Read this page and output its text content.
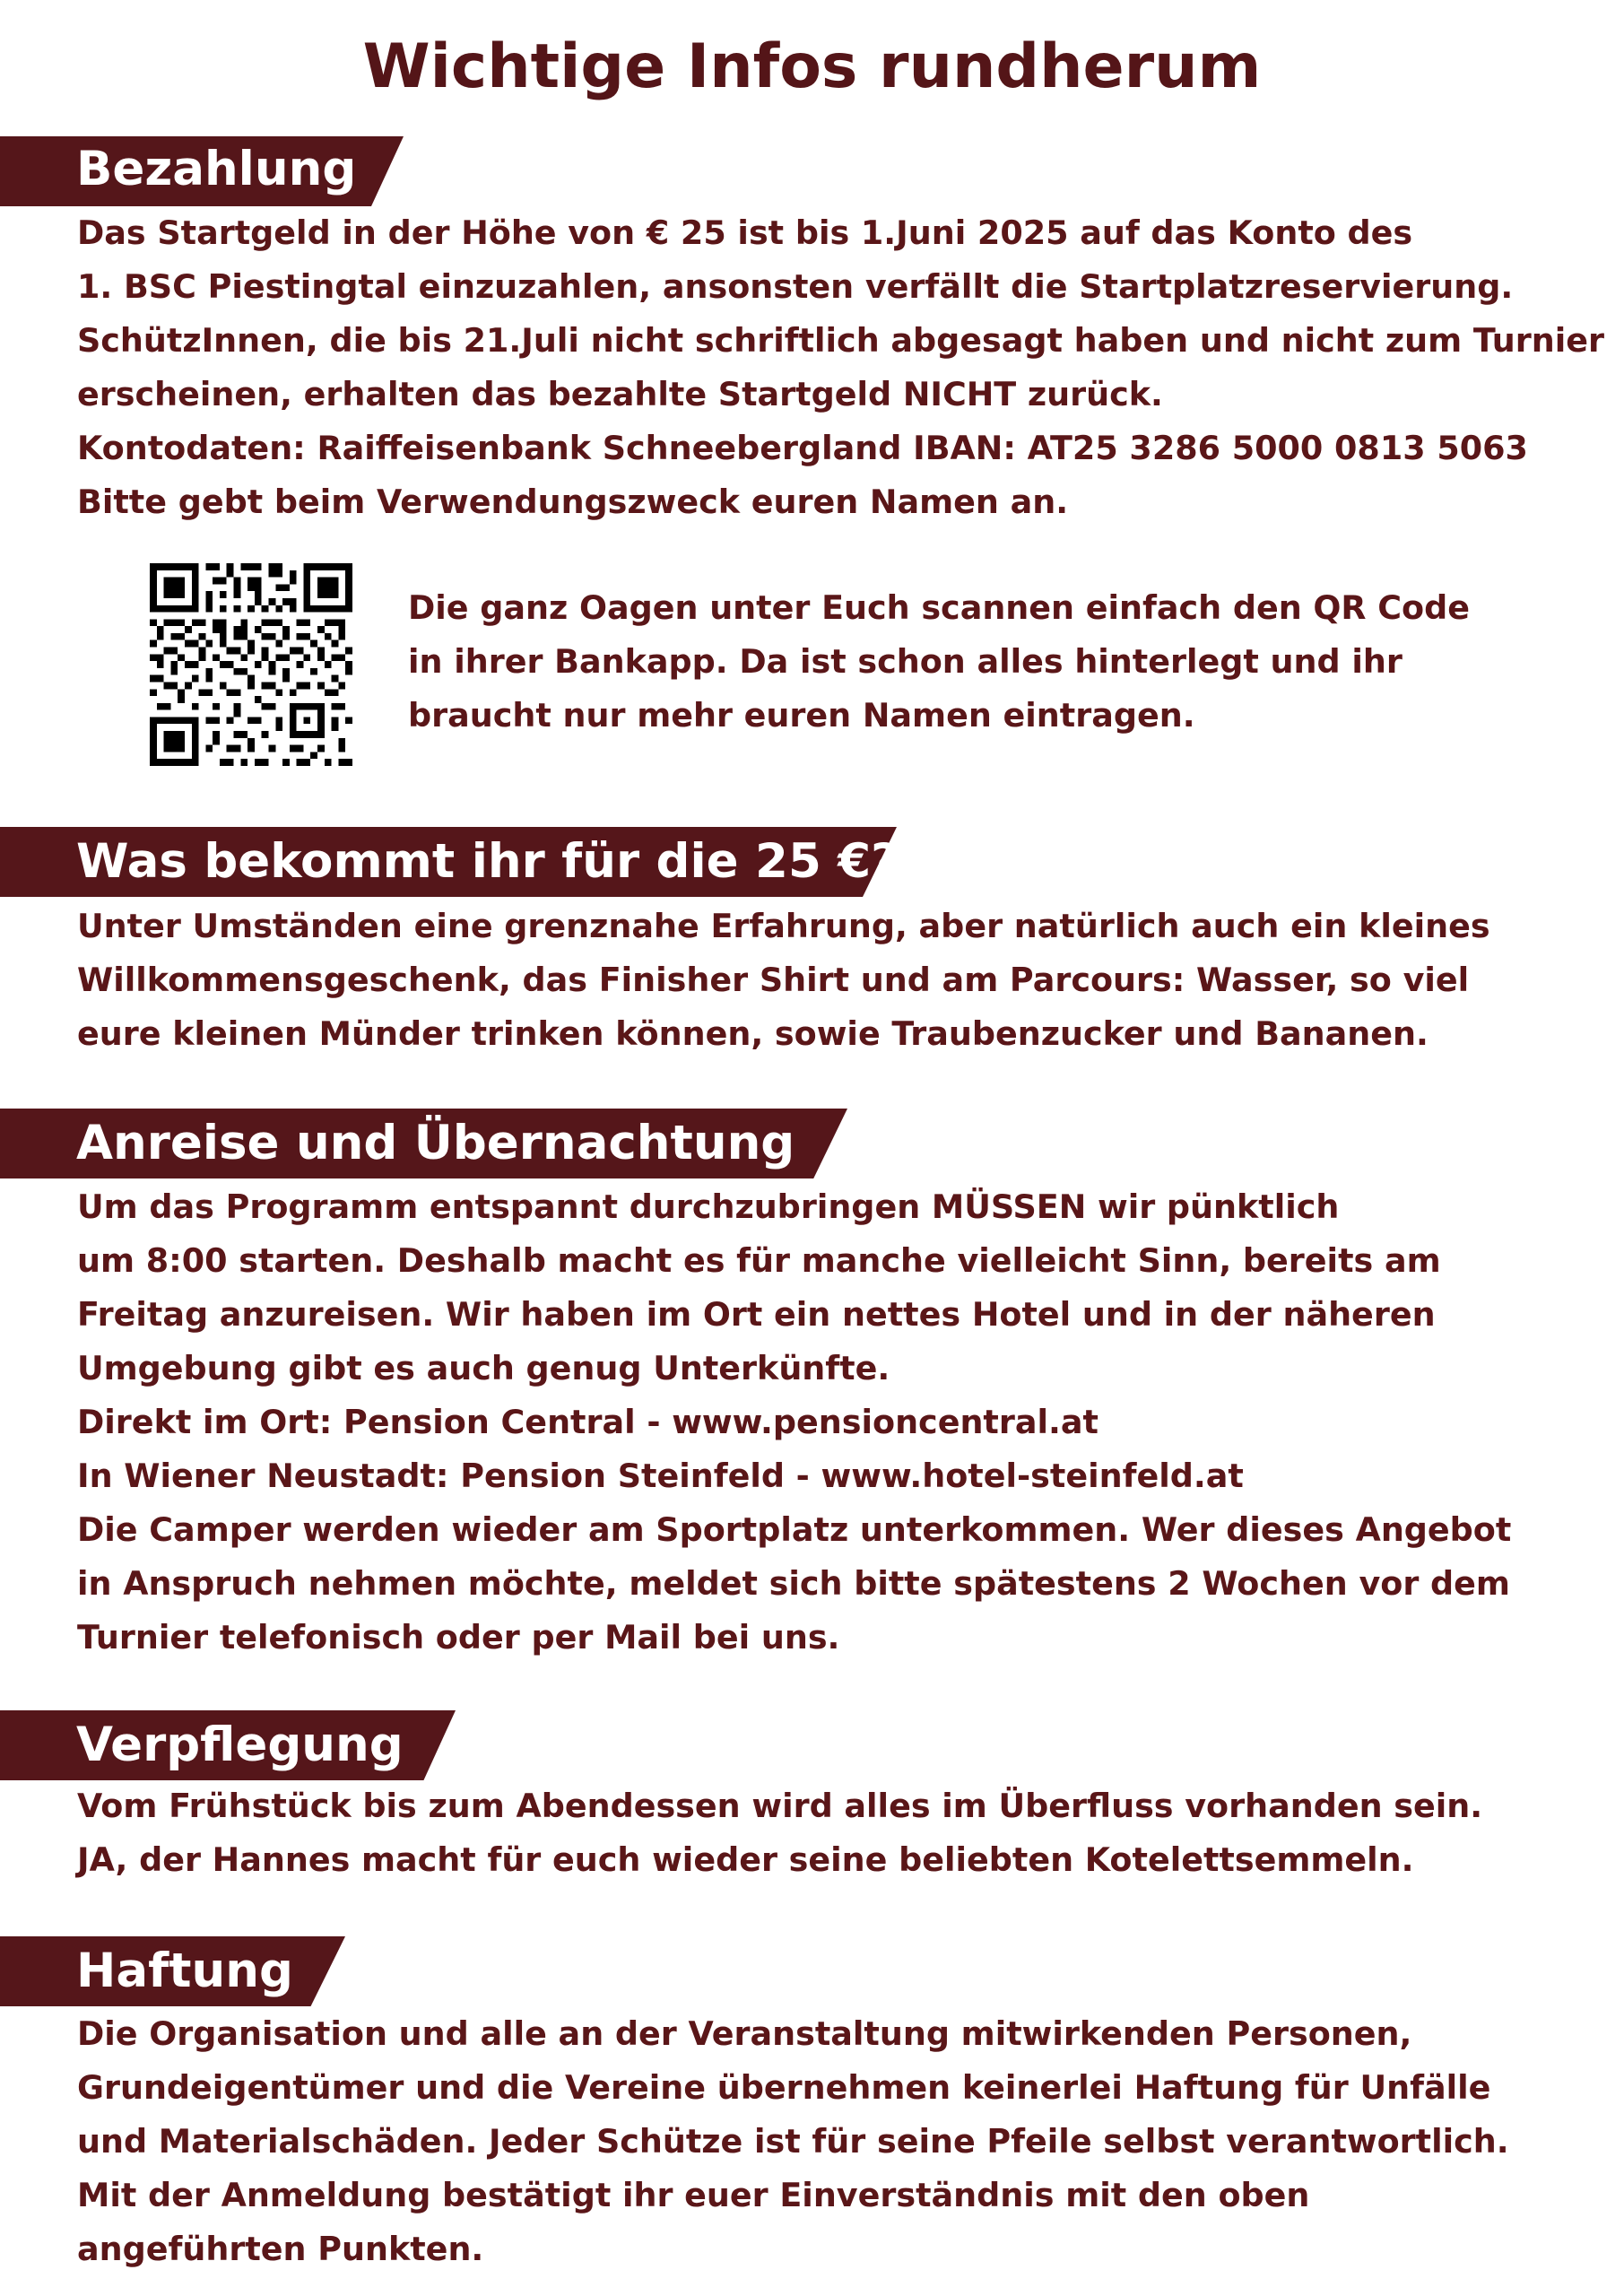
Wichtige Infos rundherum
Bezahlung
Das Startgeld in der Höhe von € 25 ist bis 1.Juni 2025 auf das Konto des
1. BSC Piestingtal einzuzahlen, ansonsten verfällt die Startplatzreservierung.
SchützInnen, die bis 21.Juli nicht schriftlich abgesagt haben und nicht zum Turnier
erscheinen, erhalten das bezahlte Startgeld NICHT zurück.
Kontodaten: Raiffeisenbank Schneebergland IBAN: AT25 3286 5000 0813 5063
Bitte gebt beim Verwendungszweck euren Namen an.
Die ganz Oagen unter Euch scannen einfach den QR Code
in ihrer Bankapp. Da ist schon alles hinterlegt und ihr
braucht nur mehr euren Namen eintragen.
Was bekommt ihr für die 25 €?
Unter Umständen eine grenznahe Erfahrung, aber natürlich auch ein kleines
Willkommensgeschenk, das Finisher Shirt und am Parcours: Wasser, so viel
eure kleinen Münder trinken können, sowie Traubenzucker und Bananen.
Anreise und Übernachtung
Um das Programm entspannt durchzubringen MÜSSEN wir pünktlich
um 8:00 starten. Deshalb macht es für manche vielleicht Sinn, bereits am
Freitag anzureisen. Wir haben im Ort ein nettes Hotel und in der näheren
Umgebung gibt es auch genug Unterkünfte.
Direkt im Ort: Pension Central - www.pensioncentral.at
In Wiener Neustadt: Pension Steinfeld - www.hotel-steinfeld.at
Die Camper werden wieder am Sportplatz unterkommen. Wer dieses Angebot
in Anspruch nehmen möchte, meldet sich bitte spätestens 2 Wochen vor dem
Turnier telefonisch oder per Mail bei uns.
Verpflegung
Vom Frühstück bis zum Abendessen wird alles im Überfluss vorhanden sein.
JA, der Hannes macht für euch wieder seine beliebten Kotelettsemmeln.
Haftung
Die Organisation und alle an der Veranstaltung mitwirkenden Personen,
Grundeigentümer und die Vereine übernehmen keinerlei Haftung für Unfälle
und Materialschäden. Jeder Schütze ist für seine Pfeile selbst verantwortlich.
Mit der Anmeldung bestätigt ihr euer Einverständnis mit den oben
angeführten Punkten.
